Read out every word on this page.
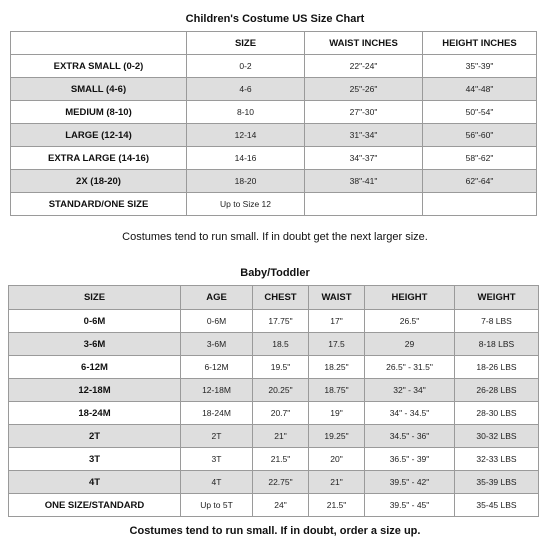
Children's Costume US Size Chart
	SIZE	WAIST INCHES	HEIGHT INCHES
EXTRA SMALL (0-2)	0-2	22"-24"	35"-39"
SMALL (4-6)	4-6	25"-26"	44"-48"
MEDIUM (8-10)	8-10	27"-30"	50"-54"
LARGE (12-14)	12-14	31"-34"	56"-60"
EXTRA LARGE (14-16)	14-16	34"-37"	58"-62"
2X (18-20)	18-20	38"-41"	62"-64"
STANDARD/ONE SIZE	Up to Size 12		
Costumes tend to run small. If in doubt get the next larger size.
Baby/Toddler
SIZE	AGE	CHEST	WAIST	HEIGHT	WEIGHT
0-6M	0-6M	17.75"	17"	26.5"	7-8 LBS
3-6M	3-6M	18.5	17.5	29	8-18 LBS
6-12M	6-12M	19.5"	18.25"	26.5" - 31.5"	18-26 LBS
12-18M	12-18M	20.25"	18.75"	32" - 34"	26-28 LBS
18-24M	18-24M	20.7"	19"	34" - 34.5"	28-30 LBS
2T	2T	21"	19.25"	34.5" - 36"	30-32 LBS
3T	3T	21.5"	20"	36.5" - 39"	32-33 LBS
4T	4T	22.75"	21"	39.5" - 42"	35-39 LBS
ONE SIZE/STANDARD	Up to 5T	24"	21.5"	39.5" - 45"	35-45 LBS
Costumes tend to run small. If in doubt, order a size up.
